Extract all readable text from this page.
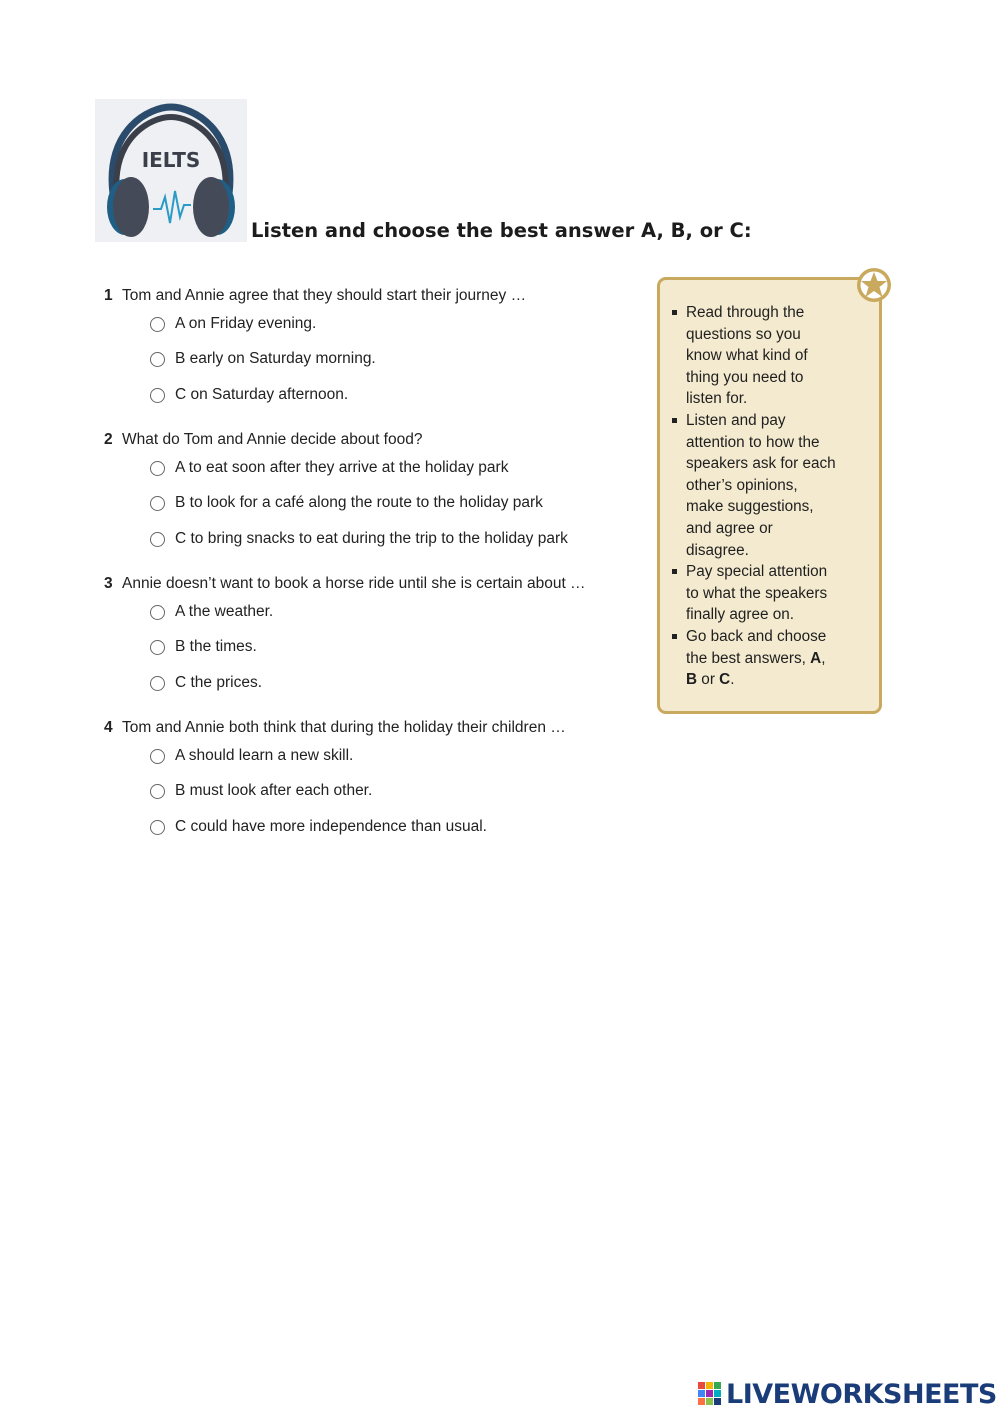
IELTS
Listen and choose the best answer A, B, or C:
1 Tom and Annie agree that they should start their journey …
A on Friday evening.
B early on Saturday morning.
C on Saturday afternoon.
2 What do Tom and Annie decide about food?
A to eat soon after they arrive at the holiday park
B to look for a café along the route to the holiday park
C to bring snacks to eat during the trip to the holiday park
3 Annie doesn’t want to book a horse ride until she is certain about …
A the weather.
B the times.
C the prices.
4 Tom and Annie both think that during the holiday their children …
A should learn a new skill.
B must look after each other.
C could have more independence than usual.
Read through the
questions so you
know what kind of
thing you need to
listen for.
Listen and pay
attention to how the
speakers ask for each
other’s opinions,
make suggestions,
and agree or
disagree.
Pay special attention
to what the speakers
finally agree on.
Go back and choose
the best answers, A,
B or C.
LIVEWORKSHEETS
